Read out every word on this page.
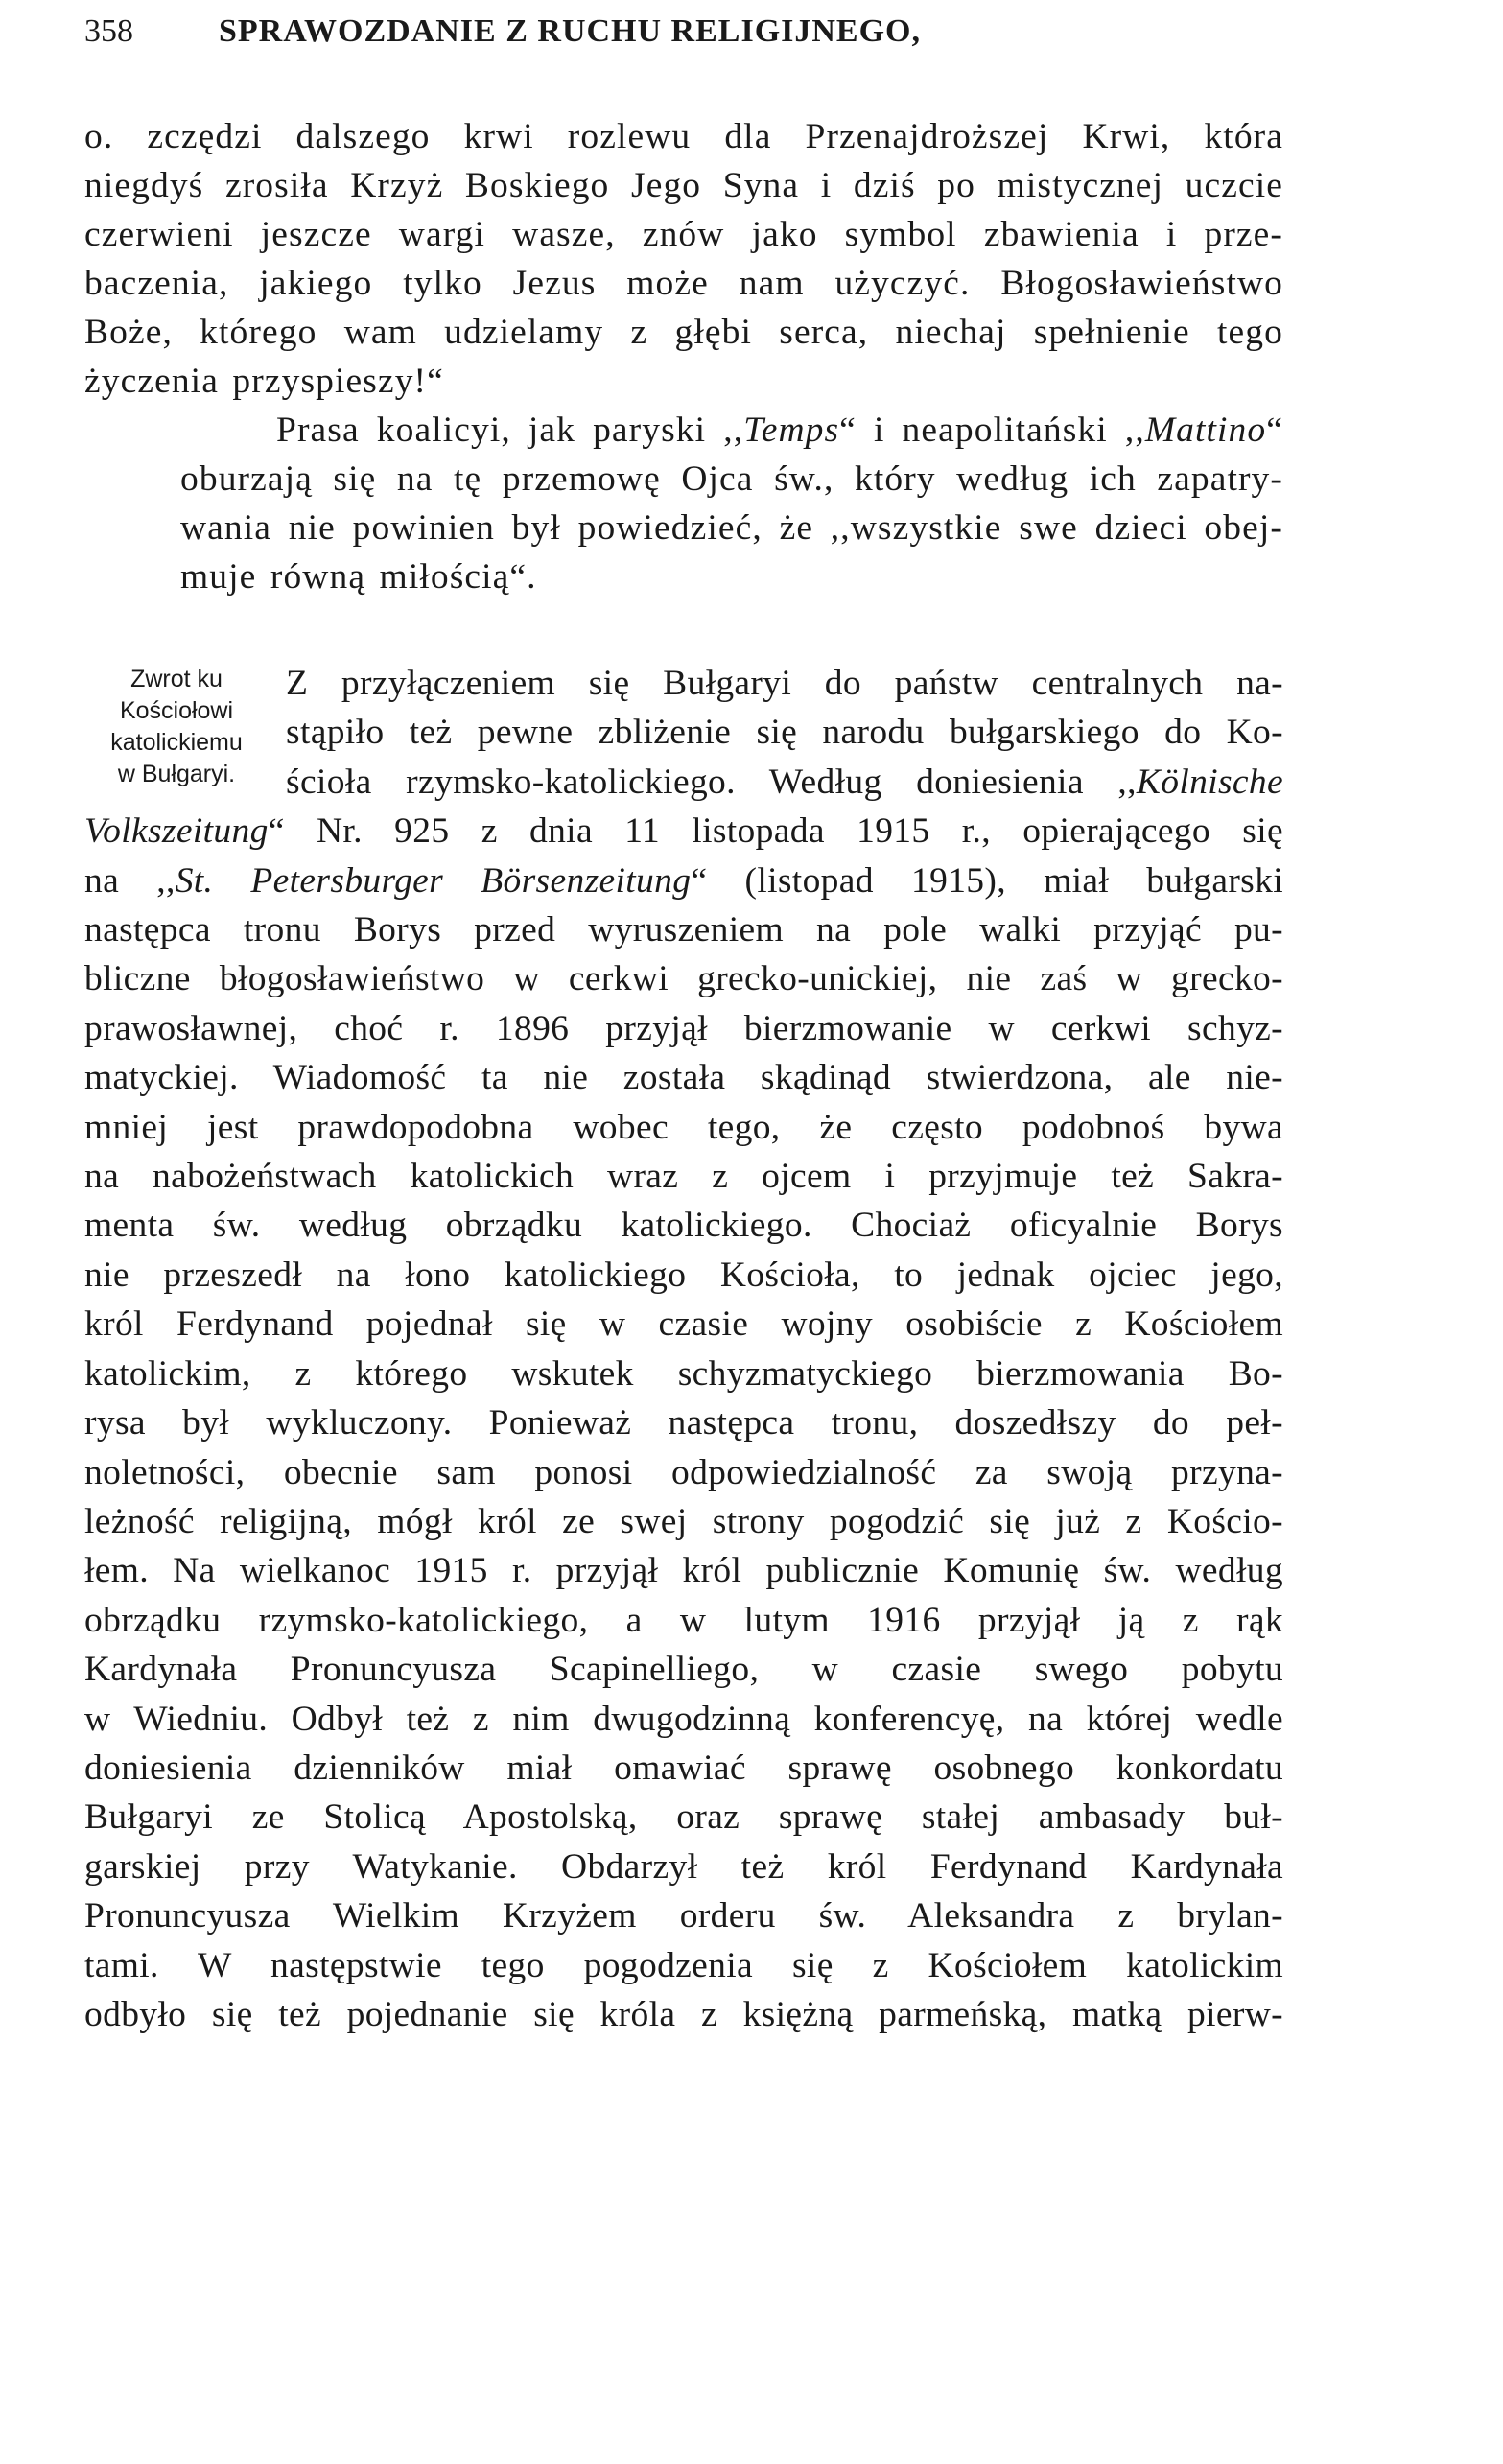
358	SPRAWOZDANIE Z RUCHU RELIGIJNEGO,
o. zczędzi dalszego krwi rozlewu dla Przenajdroższej Krwi, która
niegdyś zrosiła Krzyż Boskiego Jego Syna i dziś po mistycznej uczcie
czerwieni jeszcze wargi wasze, znów jako symbol zbawienia i prze-
baczenia, jakiego tylko Jezus może nam użyczyć. Błogosławieństwo
Boże, którego wam udzielamy z głębi serca, niechaj spełnienie tego
życzenia przyspieszy!“
Prasa koalicyi, jak paryski ,,Temps“ i neapolitański ,,Mattino“
oburzają się na tę przemowę Ojca św., który według ich zapatry-
wania nie powinien był powiedzieć, że ,,wszystkie swe dzieci obej-
muje równą miłością“.
Zwrot ku
Kościołowi
katolickiemu
w Bułgaryi.
Z przyłączeniem się Bułgaryi do państw centralnych na-
stąpiło też pewne zbliżenie się narodu bułgarskiego do Ko-
ścioła rzymsko-katolickiego. Według doniesienia ,,Kölnische
Volkszeitung“ Nr. 925 z dnia 11 listopada 1915 r., opierającego się
na ,,St. Petersburger Börsenzeitung“ (listopad 1915), miał bułgarski
następca tronu Borys przed wyruszeniem na pole walki przyjąć pu-
bliczne błogosławieństwo w cerkwi grecko-unickiej, nie zaś w grecko-
prawosławnej, choć r. 1896 przyjął bierzmowanie w cerkwi schyz-
matyckiej. Wiadomość ta nie została skądinąd stwierdzona, ale nie-
mniej jest prawdopodobna wobec tego, że często podobnoś bywa
na nabożeństwach katolickich wraz z ojcem i przyjmuje też Sakra-
menta św. według obrządku katolickiego. Chociaż oficyalnie Borys
nie przeszedł na łono katolickiego Kościoła, to jednak ojciec jego,
król Ferdynand pojednał się w czasie wojny osobiście z Kościołem
katolickim, z którego wskutek schyzmatyckiego bierzmowania Bo-
rysa był wykluczony. Ponieważ następca tronu, doszedłszy do peł-
noletności, obecnie sam ponosi odpowiedzialność za swoją przyna-
leżność religijną, mógł król ze swej strony pogodzić się już z Kościo-
łem. Na wielkanoc 1915 r. przyjął król publicznie Komunię św. według
obrządku rzymsko-katolickiego, a w lutym 1916 przyjął ją z rąk
Kardynała Pronuncyusza Scapinelliego, w czasie swego pobytu
w Wiedniu. Odbył też z nim dwugodzinną konferencyę, na której wedle
doniesienia dzienników miał omawiać sprawę osobnego konkordatu
Bułgaryi ze Stolicą Apostolską, oraz sprawę stałej ambasady buł-
garskiej przy Watykanie. Obdarzył też król Ferdynand Kardynała
Pronuncyusza Wielkim Krzyżem orderu św. Aleksandra z brylan-
tami. W następstwie tego pogodzenia się z Kościołem katolickim
odbyło się też pojednanie się króla z księżną parmeńską, matką pierw-
